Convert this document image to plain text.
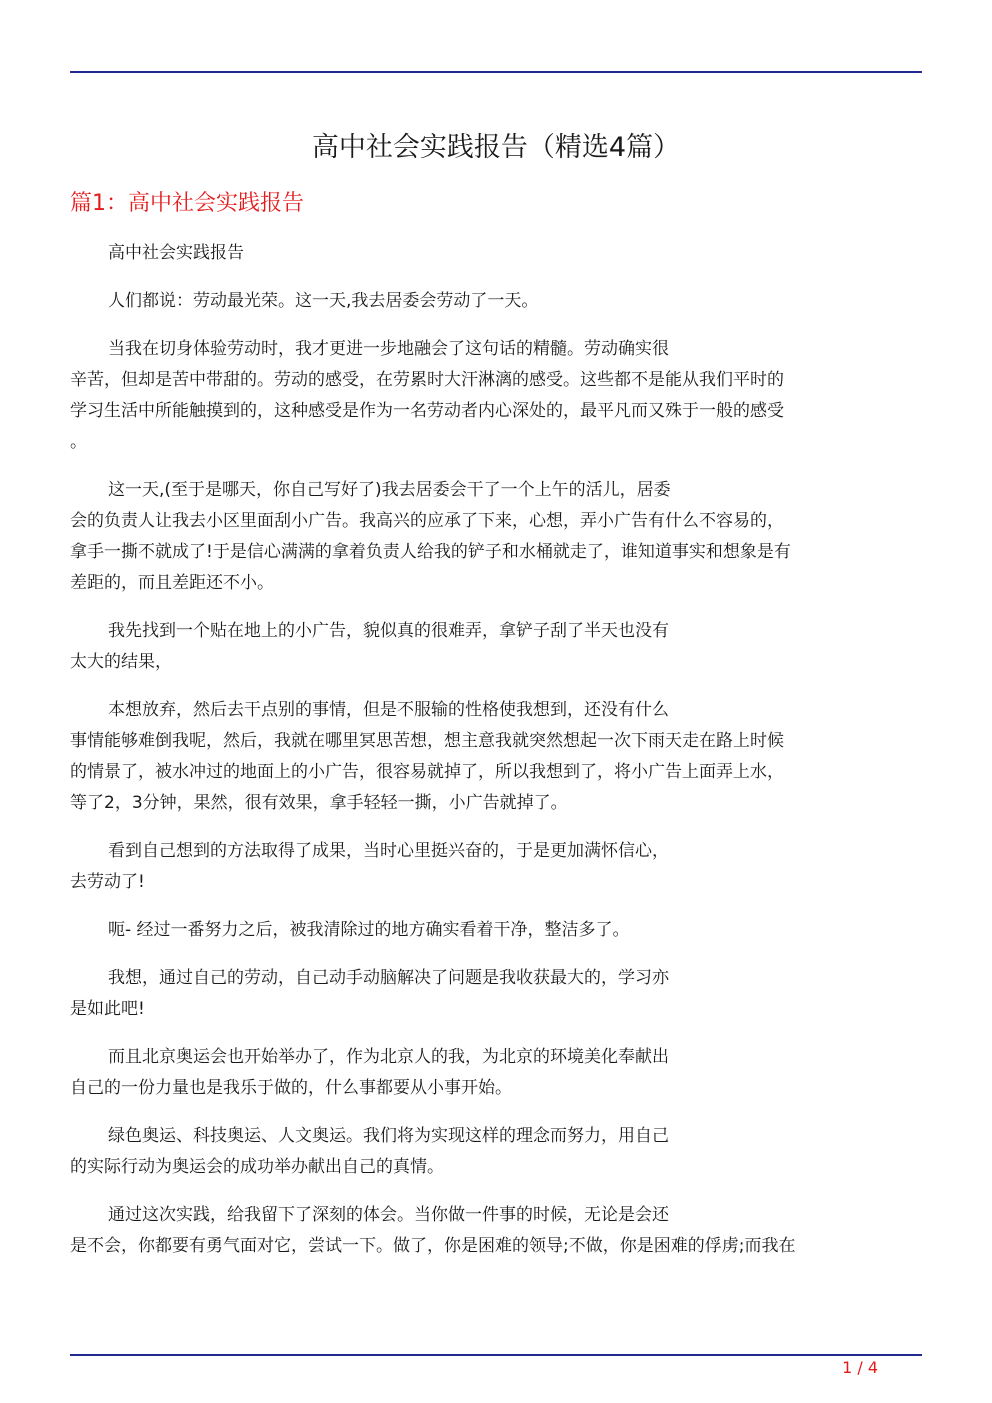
高中社会实践报告（精选4篇）
篇1：高中社会实践报告

高中社会实践报告

人们都说：劳动最光荣。这一天,我去居委会劳动了一天。

当我在切身体验劳动时，我才更进一步地融会了这句话的精髓。劳动确实很
辛苦，但却是苦中带甜的。劳动的感受，在劳累时大汗淋漓的感受。这些都不是能从我们平时的
学习生活中所能触摸到的，这种感受是作为一名劳动者内心深处的，最平凡而又殊于一般的感受
。

这一天,(至于是哪天，你自己写好了)我去居委会干了一个上午的活儿，居委
会的负责人让我去小区里面刮小广告。我高兴的应承了下来，心想，弄小广告有什么不容易的，
拿手一撕不就成了!于是信心满满的拿着负责人给我的铲子和水桶就走了，谁知道事实和想象是有
差距的，而且差距还不小。

我先找到一个贴在地上的小广告，貌似真的很难弄，拿铲子刮了半天也没有
太大的结果，

本想放弃，然后去干点别的事情，但是不服输的性格使我想到，还没有什么
事情能够难倒我呢，然后，我就在哪里冥思苦想，想主意我就突然想起一次下雨天走在路上时候
的情景了，被水冲过的地面上的小广告，很容易就掉了，所以我想到了，将小广告上面弄上水，
等了2，3分钟，果然，很有效果，拿手轻轻一撕，小广告就掉了。

看到自己想到的方法取得了成果，当时心里挺兴奋的，于是更加满怀信心，
去劳动了!

呃- 经过一番努力之后，被我清除过的地方确实看着干净，整洁多了。

我想，通过自己的劳动，自己动手动脑解决了问题是我收获最大的，学习亦
是如此吧!

而且北京奥运会也开始举办了，作为北京人的我，为北京的环境美化奉献出
自己的一份力量也是我乐于做的，什么事都要从小事开始。

绿色奥运、科技奥运、人文奥运。我们将为实现这样的理念而努力，用自己
的实际行动为奥运会的成功举办献出自己的真情。

通过这次实践，给我留下了深刻的体会。当你做一件事的时候，无论是会还
是不会，你都要有勇气面对它，尝试一下。做了，你是困难的领导;不做，你是困难的俘虏;而我在

1 / 4
